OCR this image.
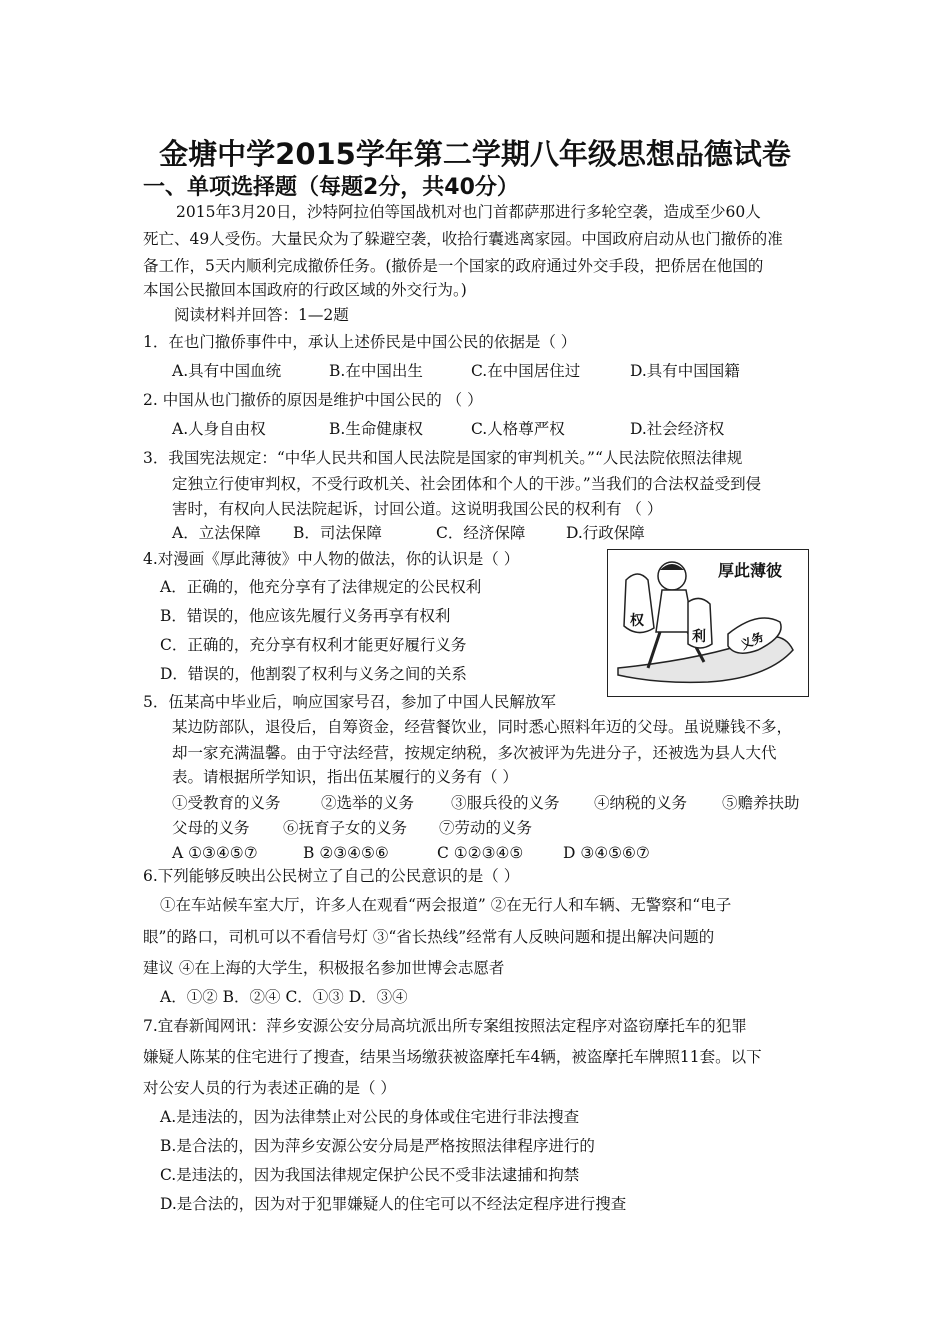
金塘中学2015学年第二学期八年级思想品德试卷
一、单项选择题（每题2分，共40分）
2015年3月20日，沙特阿拉伯等国战机对也门首都萨那进行多轮空袭，造成至少60人
死亡、49人受伤。大量民众为了躲避空袭，收拾行囊逃离家园。中国政府启动从也门撤侨的准
备工作，5天内顺利完成撤侨任务。(撤侨是一个国家的政府通过外交手段，把侨居在他国的
本国公民撤回本国政府的行政区域的外交行为。)
阅读材料并回答：1—2题
1．在也门撤侨事件中，承认上述侨民是中国公民的依据是（ ）
A.具有中国血统	B.在中国出生	C.在中国居住过	D.具有中国国籍
2. 中国从也门撤侨的原因是维护中国公民的 （ ）
A.人身自由权	B.生命健康权	C.人格尊严权	D.社会经济权
3．我国宪法规定：“中华人民共和国人民法院是国家的审判机关。”“人民法院依照法律规
定独立行使审判权，不受行政机关、社会团体和个人的干涉。”当我们的合法权益受到侵
害时，有权向人民法院起诉，讨回公道。这说明我国公民的权利有 （ ）
A．立法保障 B．司法保障	C．经济保障	D.行政保障
4.对漫画《厚此薄彼》中人物的做法，你的认识是（ ）
A．正确的，他充分享有了法律规定的公民权利
B．错误的，他应该先履行义务再享有权利
C．正确的，充分享有权利才能更好履行义务
D．错误的，他割裂了权利与义务之间的关系
厚此薄彼
权
利	义务
5．伍某高中毕业后，响应国家号召，参加了中国人民解放军
某边防部队，退役后，自筹资金，经营餐饮业，同时悉心照料年迈的父母。虽说赚钱不多，
却一家充满温馨。由于守法经营，按规定纳税，多次被评为先进分子，还被选为县人大代
表。请根据所学知识，指出伍某履行的义务有（ ）
①受教育的义务	②选举的义务 ③服兵役的义务 ④纳税的义务 ⑤赡养扶助
父母的义务 ⑥抚育子女的义务 ⑦劳动的义务
A ①③④⑤⑦	B ②③④⑤⑥	C ①②③④⑤	D ③④⑤⑥⑦
6.下列能够反映出公民树立了自己的公民意识的是（ ）
①在车站候车室大厅，许多人在观看“两会报道” ②在无行人和车辆、无警察和“电子
眼”的路口，司机可以不看信号灯 ③“省长热线”经常有人反映问题和提出解决问题的
建议 ④在上海的大学生，积极报名参加世博会志愿者
A．①② B．②④ C．①③ D．③④
7.宜春新闻网讯：萍乡安源公安分局高坑派出所专案组按照法定程序对盗窃摩托车的犯罪
嫌疑人陈某的住宅进行了搜查，结果当场缴获被盗摩托车4辆，被盗摩托车牌照11套。以下
对公安人员的行为表述正确的是（ ）
A.是违法的，因为法律禁止对公民的身体或住宅进行非法搜查
B.是合法的，因为萍乡安源公安分局是严格按照法律程序进行的
C.是违法的，因为我国法律规定保护公民不受非法逮捕和拘禁
D.是合法的，因为对于犯罪嫌疑人的住宅可以不经法定程序进行搜查
